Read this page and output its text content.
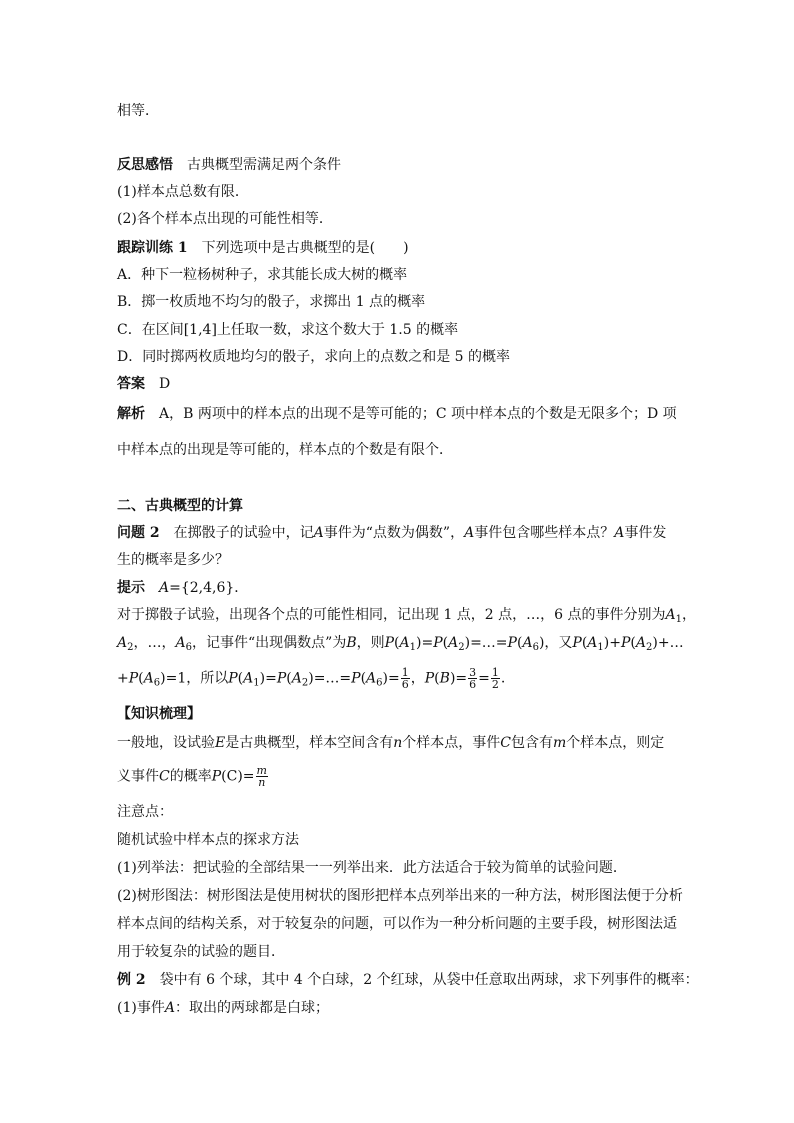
相等．
反思感悟 古典概型需满足两个条件
(1)样本点总数有限．
(2)各个样本点出现的可能性相等．
跟踪训练 1 下列选项中是古典概型的是(　　)
A．种下一粒杨树种子，求其能长成大树的概率
B．掷一枚质地不均匀的骰子，求掷出 1 点的概率
C．在区间[1,4]上任取一数，求这个数大于 1.5 的概率
D．同时掷两枚质地均匀的骰子，求向上的点数之和是 5 的概率
答案 D
解析 A，B 两项中的样本点的出现不是等可能的；C 项中样本点的个数是无限多个；D 项
中样本点的出现是等可能的，样本点的个数是有限个．
二、古典概型的计算
问题 2 在掷骰子的试验中，记A事件为“点数为偶数”，A事件包含哪些样本点？A事件发
生的概率是多少？
提示 A={2,4,6}．
对于掷骰子试验，出现各个点的可能性相同，记出现 1 点，2 点，…，6 点的事件分别为$A_1$，
$A_2$，…，$A_6$，记事件“出现偶数点”为B，则$P(A_1)=P(A_2)=\dots=P(A_6)$，又$P(A_1)+P(A_2)+\dots$
$+P(A_6)=1$，所以$P(A_1)=P(A_2)=\dots=P(A_6)= \frac{1}{6}$ ，$P(B)= \frac{3}{6} = \frac{1}{2}$ .
【知识梳理】
一般地，设试验E是古典概型，样本空间含有n个样本点，事件C包含有m个样本点，则定
义事件C的概率$P(C)= \frac{m}{n}$
注意点：
随机试验中样本点的探求方法
(1)列举法：把试验的全部结果一一列举出来．此方法适合于较为简单的试验问题．
(2)树形图法：树形图法是使用树状的图形把样本点列举出来的一种方法，树形图法便于分析
样本点间的结构关系，对于较复杂的问题，可以作为一种分析问题的主要手段，树形图法适
用于较复杂的试验的题目．
例 2 袋中有 6 个球，其中 4 个白球，2 个红球，从袋中任意取出两球，求下列事件的概率：
(1)事件A：取出的两球都是白球；
